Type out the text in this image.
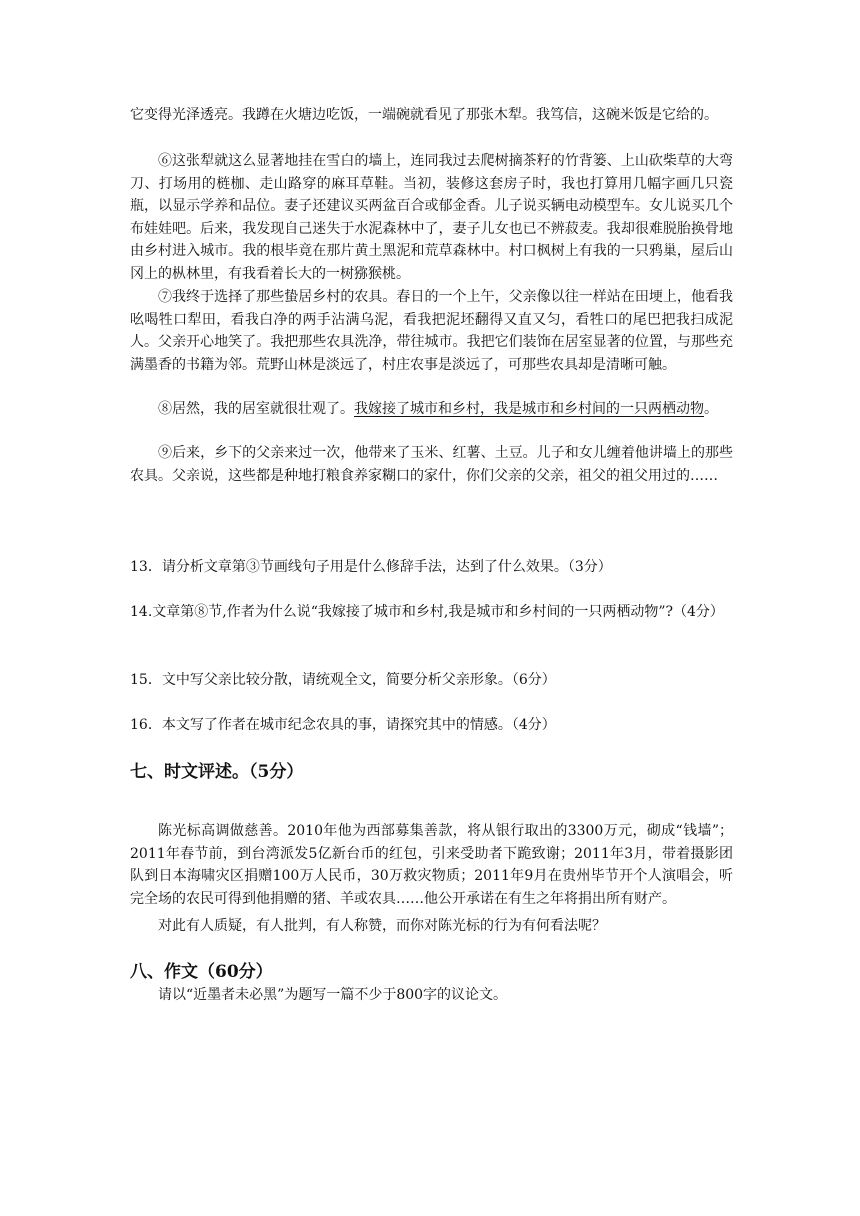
它变得光泽透亮。我蹲在火塘边吃饭，一端碗就看见了那张木犁。我笃信，这碗米饭是它给的。

⑥这张犁就这么显著地挂在雪白的墙上，连同我过去爬树摘茶籽的竹背篓、上山砍柴草的大弯刀、打场用的梿枷、走山路穿的麻耳草鞋。当初，装修这套房子时，我也打算用几幅字画几只瓷瓶，以显示学养和品位。妻子还建议买两盆百合或郁金香。儿子说买辆电动模型车。女儿说买几个布娃娃吧。后来，我发现自己迷失于水泥森林中了，妻子儿女也已不辨菽麦。我却很难脱胎换骨地由乡村进入城市。我的根毕竟在那片黄土黑泥和荒草森林中。村口枫树上有我的一只鸦巢，屋后山冈上的枞林里，有我看着长大的一树猕猴桃。

⑦我终于选择了那些蛰居乡村的农具。春日的一个上午，父亲像以往一样站在田埂上，他看我吆喝牲口犁田，看我白净的两手沾满乌泥，看我把泥坯翻得又直又匀，看牲口的尾巴把我扫成泥人。父亲开心地笑了。我把那些农具洗净，带往城市。我把它们装饰在居室显著的位置，与那些充满墨香的书籍为邻。荒野山林是淡远了，村庄农事是淡远了，可那些农具却是清晰可触。

⑧居然，我的居室就很壮观了。我嫁接了城市和乡村，我是城市和乡村间的一只两栖动物。

⑨后来，乡下的父亲来过一次，他带来了玉米、红薯、土豆。儿子和女儿缠着他讲墙上的那些农具。父亲说，这些都是种地打粮食养家糊口的家什，你们父亲的父亲，祖父的祖父用过的……

13．请分析文章第③节画线句子用是什么修辞手法，达到了什么效果。（3分）

14.文章第⑧节,作者为什么说“我嫁接了城市和乡村,我是城市和乡村间的一只两栖动物”?（4分）

15．文中写父亲比较分散，请统观全文，简要分析父亲形象。（6分）

16．本文写了作者在城市纪念农具的事，请探究其中的情感。（4分）

七、时文评述。（5分）

陈光标高调做慈善。2010年他为西部募集善款，将从银行取出的3300万元，砌成“钱墙”；2011年春节前，到台湾派发5亿新台币的红包，引来受助者下跪致谢；2011年3月，带着摄影团队到日本海啸灾区捐赠100万人民币，30万救灾物质；2011年9月在贵州毕节开个人演唱会，听完全场的农民可得到他捐赠的猪、羊或农具……他公开承诺在有生之年将捐出所有财产。

对此有人质疑，有人批判，有人称赞，而你对陈光标的行为有何看法呢？

八、作文（60分）

请以“近墨者未必黑”为题写一篇不少于800字的议论文。
